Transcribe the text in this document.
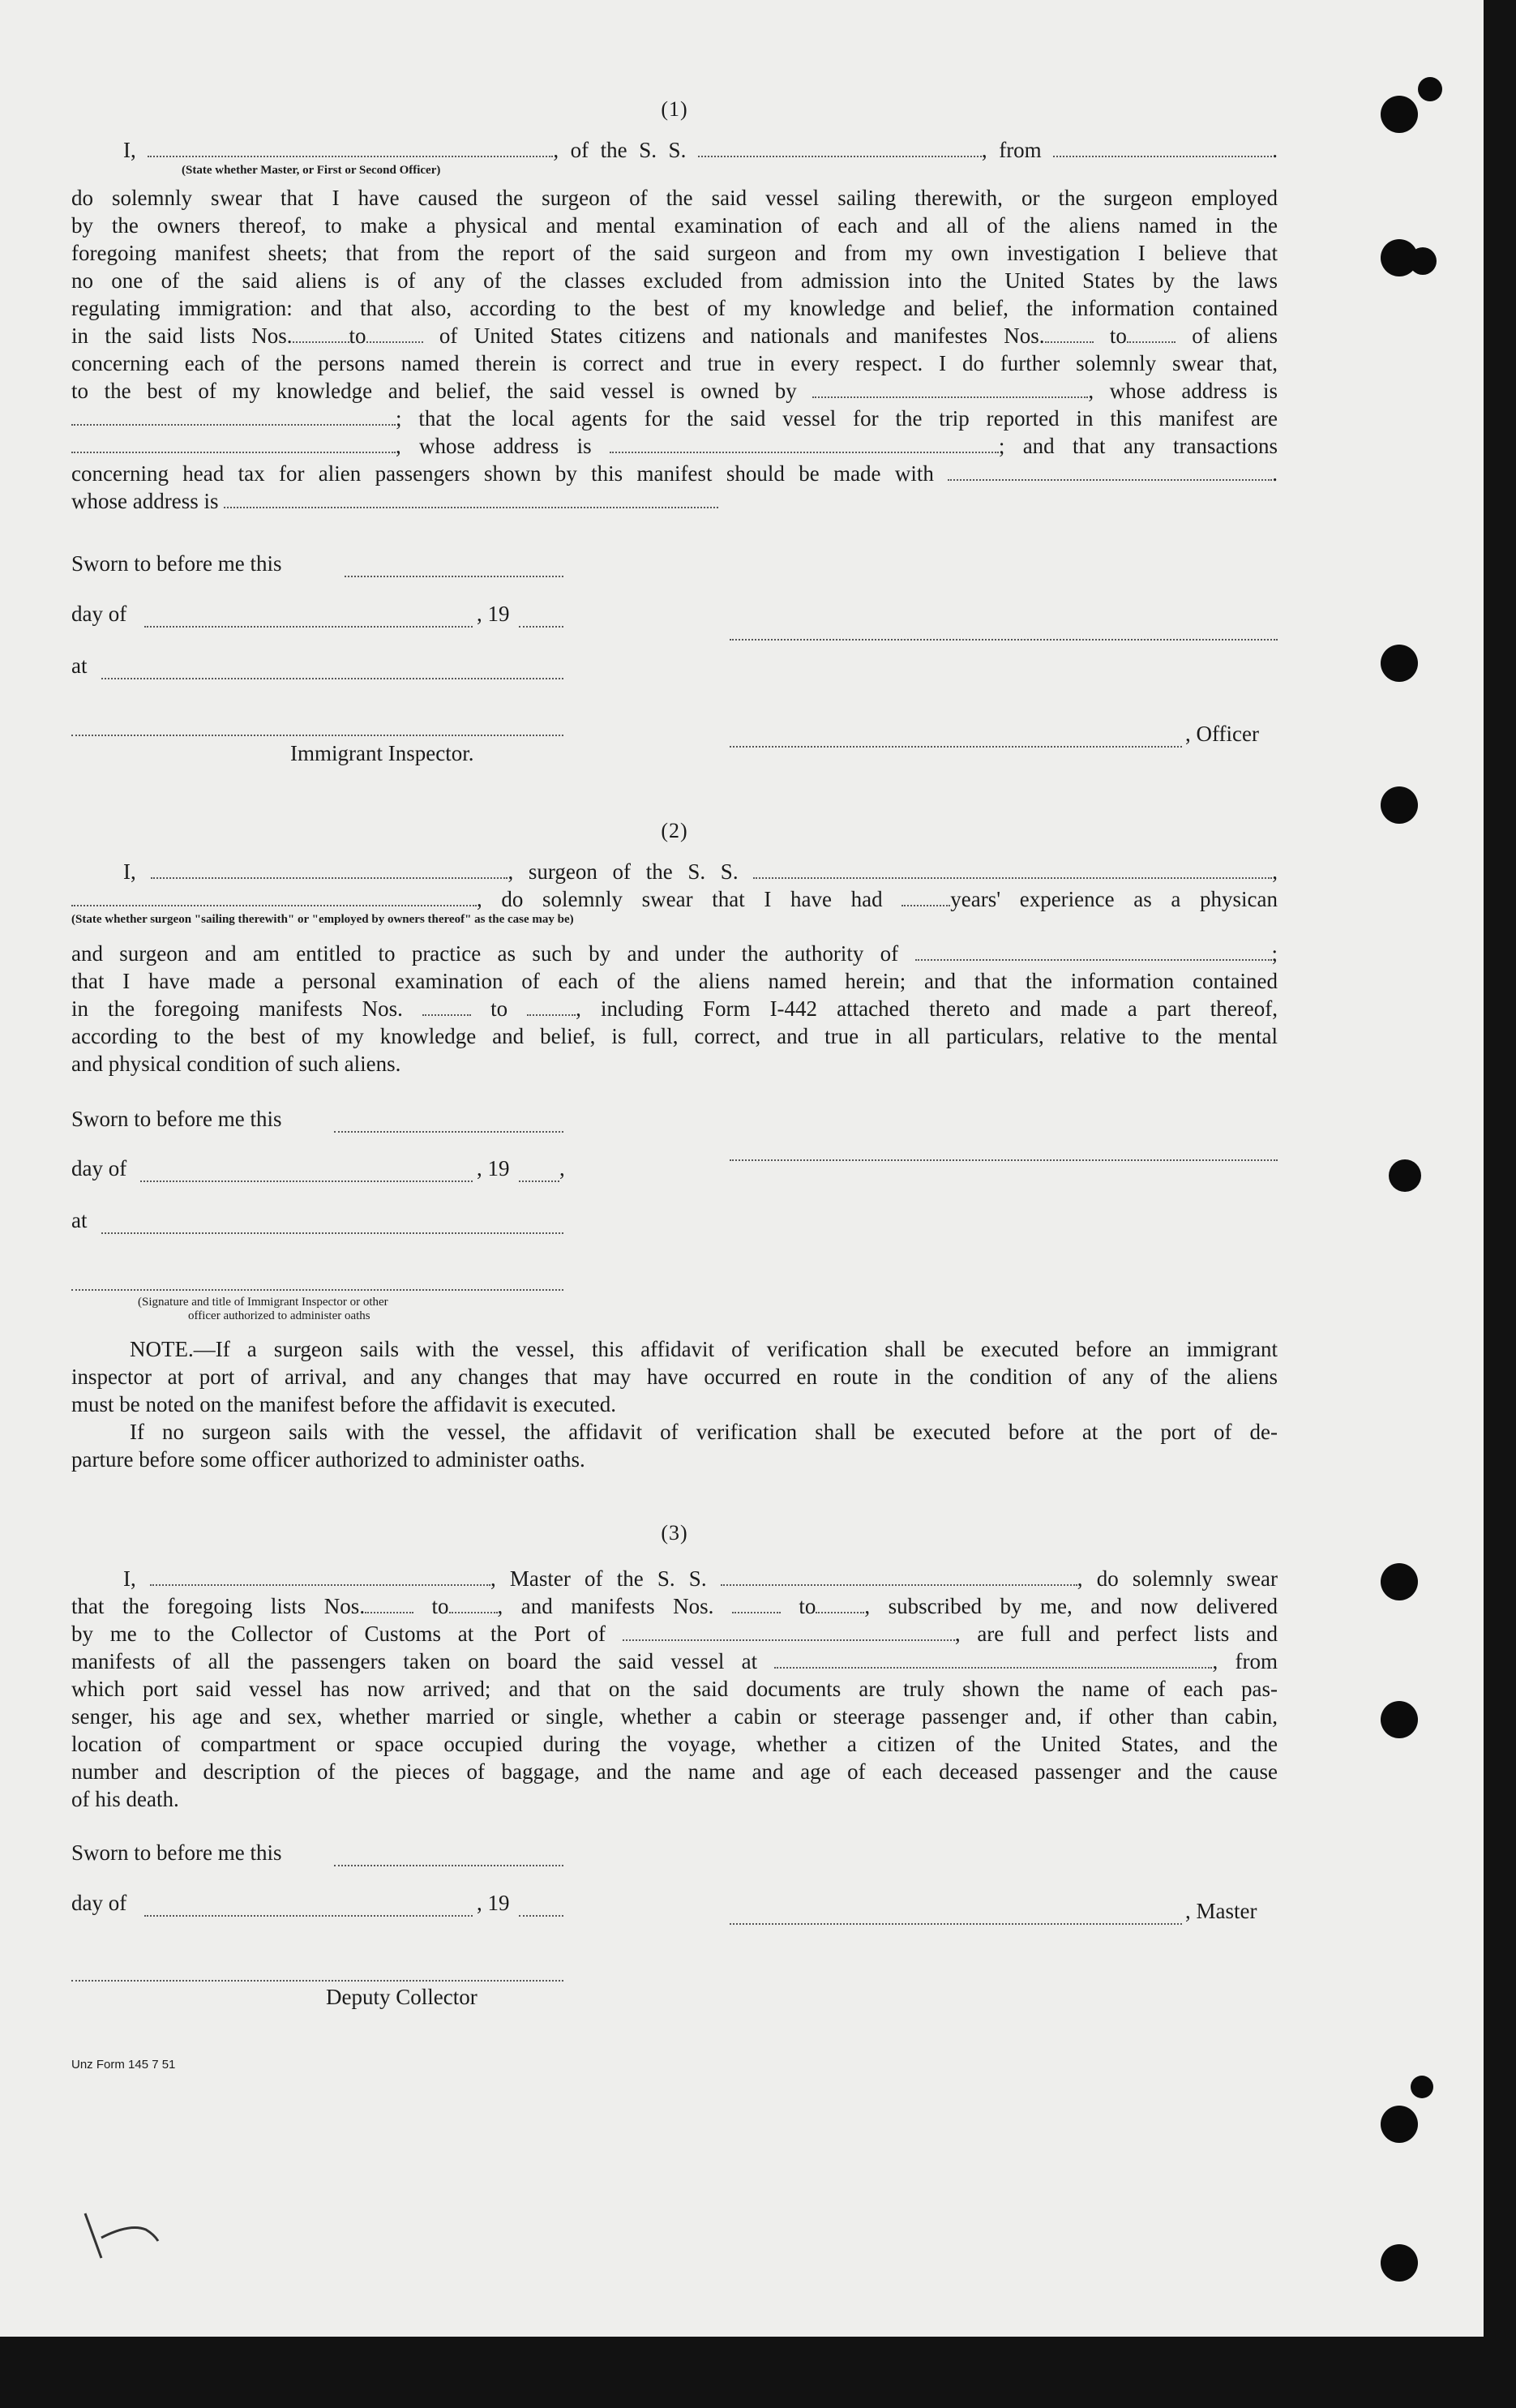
(1)
I,	, of the S. S.	, from	.
(State whether Master, or First or Second Officer)
do solemnly swear that I have caused the surgeon of the said vessel sailing therewith, or the surgeon employed
by the owners thereof, to make a physical and mental examination of each and all of the aliens named in the
foregoing manifest sheets; that from the report of the said surgeon and from my own investigation I believe that
no one of the said aliens is of any of the classes excluded from admission into the United States by the laws
regulating immigration: and that also, according to the best of my knowledge and belief, the information contained
in the said lists Nos.	to	of United States citizens and nationals and manifestes Nos.	to	of aliens
concerning each of the persons named therein is correct and true in every respect. I do further solemnly swear that,
to the best of my knowledge and belief, the said vessel is owned by	, whose address is
; that the local agents for the said vessel for the trip reported in this manifest are
, whose address is	; and that any transactions
concerning head tax for alien passengers shown by this manifest should be made with	.
whose address is
Sworn to before me this
day of	, 19
at
, Officer
Immigrant Inspector.
(2)
I,	, surgeon of the S. S.	,
, do solemnly swear that I have had	years' experience as a physican
(State whether surgeon "sailing therewith" or "employed by owners thereof" as the case may be)
and surgeon and am entitled to practice as such by and under the authority of	;
that I have made a personal examination of each of the aliens named herein; and that the information contained
in the foregoing manifests Nos.	to	, including Form I-442 attached thereto and made a part thereof,
according to the best of my knowledge and belief, is full, correct, and true in all particulars, relative to the mental
and physical condition of such aliens.
Sworn to before me this
day of	, 19 ,
at
(Signature and title of Immigrant Inspector or other
officer authorized to administer oaths
NOTE.—If a surgeon sails with the vessel, this affidavit of verification shall be executed before an immigrant
inspector at port of arrival, and any changes that may have occurred en route in the condition of any of the aliens
must be noted on the manifest before the affidavit is executed.
If no surgeon sails with the vessel, the affidavit of verification shall be executed before at the port of de-
parture before some officer authorized to administer oaths.
(3)
I,	, Master of the S. S.	, do solemnly swear
that the foregoing lists Nos.	to , and manifests Nos.	to , subscribed by me, and now delivered
by me to the Collector of Customs at the Port of	, are full and perfect lists and
manifests of all the passengers taken on board the said vessel at	, from
which port said vessel has now arrived; and that on the said documents are truly shown the name of each pas-
senger, his age and sex, whether married or single, whether a cabin or steerage passenger and, if other than cabin,
location of compartment or space occupied during the voyage, whether a citizen of the United States, and the
number and description of the pieces of baggage, and the name and age of each deceased passenger and the cause
of his death.
Sworn to before me this
day of	, 19	, Master
Deputy Collector
Unz Form 145 7 51
